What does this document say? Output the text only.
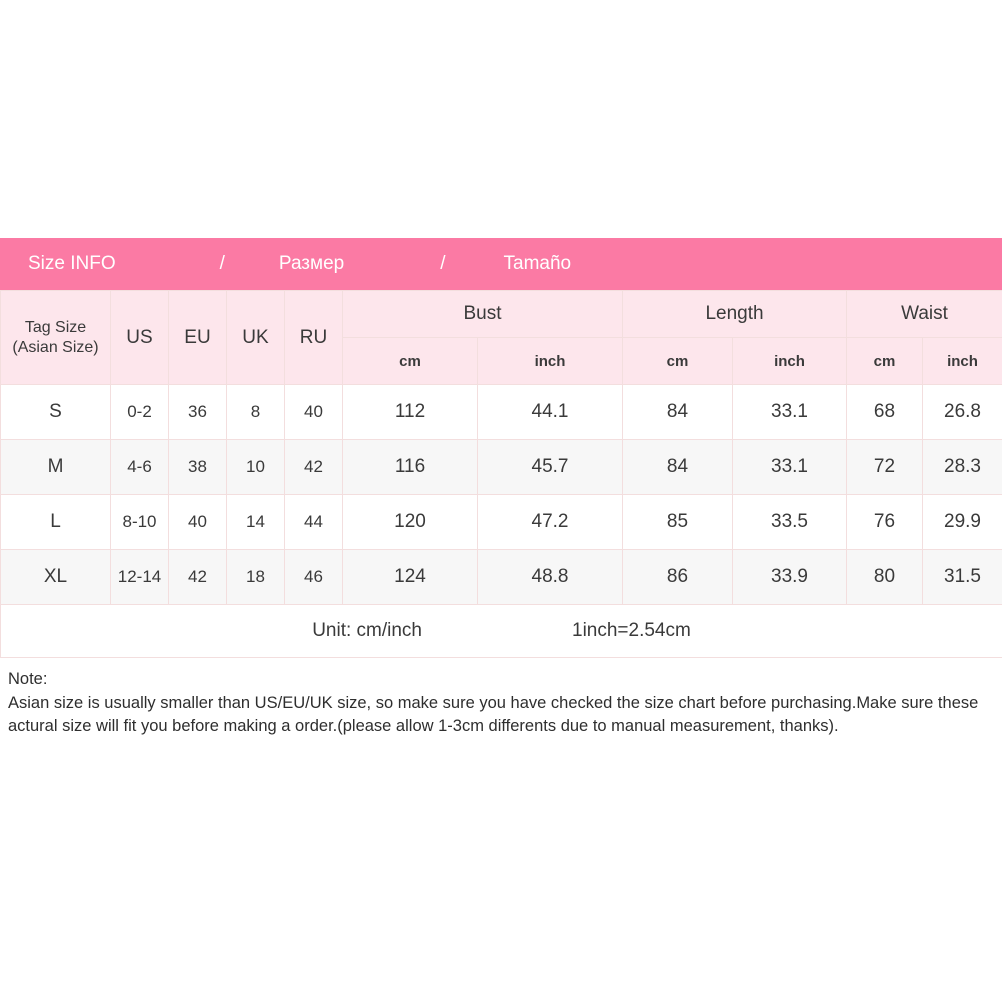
Size INFO	/	Размер	/	Tamaño
Tag Size
(Asian Size)	US	EU	UK	RU	Bust		Length		Waist	
					cm	inch	cm	inch	cm	inch
S	0-2	36	8	40	112	44.1	84	33.1	68	26.8
M	4-6	38	10	42	116	45.7	84	33.1	72	28.3
L	8-10	40	14	44	120	47.2	85	33.5	76	29.9
XL	12-14	42	18	46	124	48.8	86	33.9	80	31.5

Unit: cm/inch 1inch=2.54cm										
Note:
Asian size is usually smaller than US/EU/UK size, so make sure you have checked the size chart before purchasing.Make sure these actural size will fit you before making a order.(please allow 1-3cm differents due to manual measurement, thanks).
